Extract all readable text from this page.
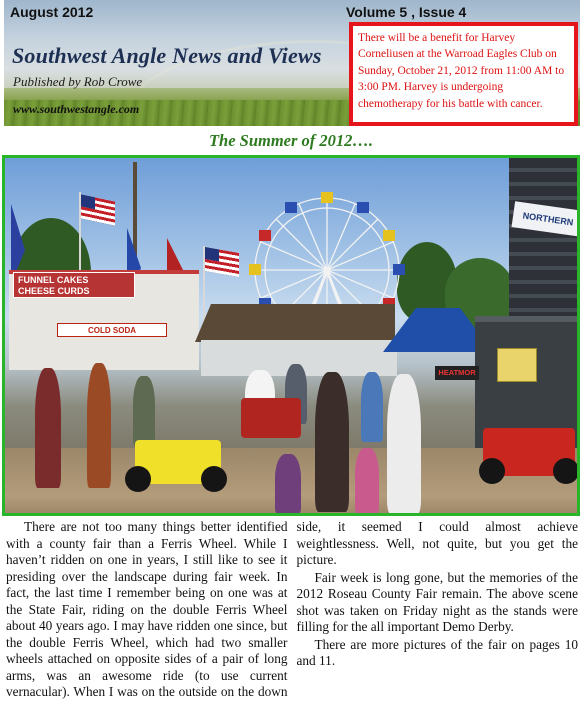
August 2012	Volume 5 , Issue 4
Southwest Angle News and Views
Published by Rob Crowe
www.southwestangle.com
There will be a benefit for Harvey Corneliusen at the Warroad Eagles Club on Sunday, October 21, 2012 from 11:00 AM to 3:00 PM. Harvey is undergoing chemotherapy for his battle with cancer.
The Summer of 2012….
NORTHERN
FUNNEL CAKES
CHEESE CURDS
COLD SODA
HEATMOR

There are not too many things better identified with a county fair than a Ferris Wheel. While I haven’t ridden on one in years, I still like to see it presiding over the landscape during fair week. In fact, the last time I remember being on one was at the State Fair, riding on the double Ferris Wheel about 40 years ago. I may have ridden one since, but the double Ferris Wheel, which had two smaller wheels attached on opposite sides of a pair of long arms, was an awesome ride (to use current vernacular). When I was on the outside on the down side, it seemed I could almost achieve weightlessness. Well, not quite, but you get the picture.

Fair week is long gone, but the memories of the 2012 Roseau County Fair remain. The above scene shot was taken on Friday night as the stands were filling for the all important Demo Derby.

There are more pictures of the fair on pages 10 and 11.
